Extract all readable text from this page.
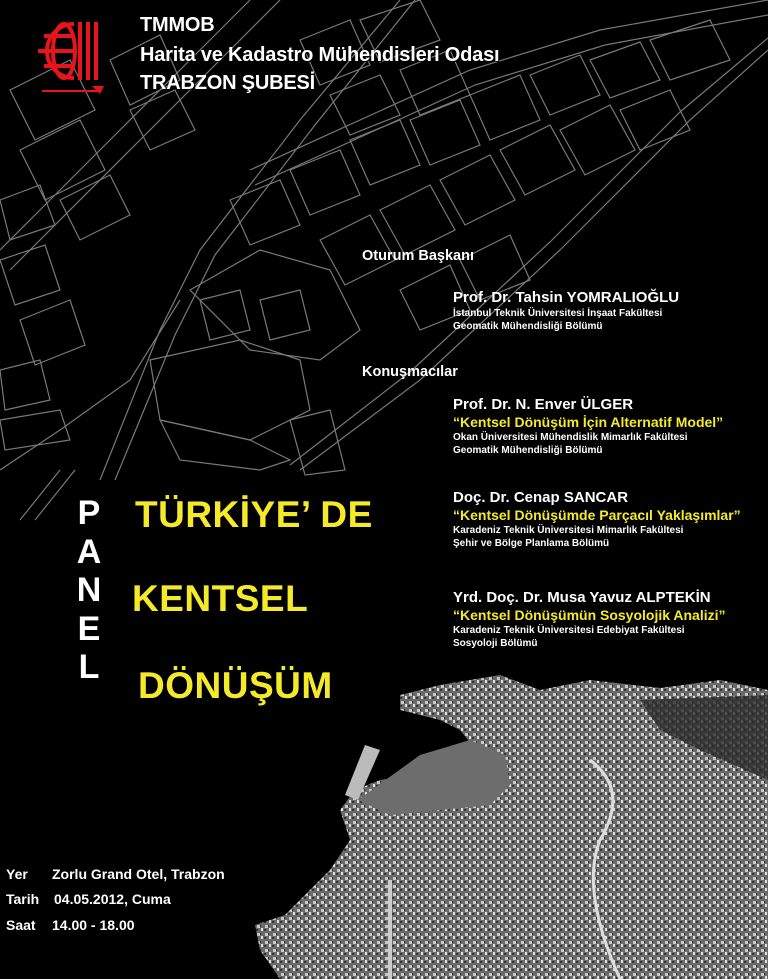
TMMOB
Harita ve Kadastro Mühendisleri Odası
TRABZON ŞUBESİ
Oturum Başkanı
Prof. Dr. Tahsin YOMRALIOĞLU
İstanbul Teknik Üniversitesi İnşaat Fakültesi
Geomatik Mühendisliği Bölümü
Konuşmacılar
Prof. Dr. N. Enver ÜLGER
“Kentsel Dönüşüm İçin Alternatif Model”
Okan Üniversitesi Mühendislik Mimarlık Fakültesi
Geomatik Mühendisliği Bölümü
Doç. Dr. Cenap SANCAR
“Kentsel Dönüşümde Parçacıl Yaklaşımlar”
Karadeniz Teknik Üniversitesi Mimarlık Fakültesi
Şehir ve Bölge Planlama Bölümü
Yrd. Doç. Dr. Musa Yavuz ALPTEKİN
“Kentsel Dönüşümün Sosyolojik Analizi”
Karadeniz Teknik Üniversitesi Edebiyat Fakültesi
Sosyoloji Bölümü
P
A
N
E
L
TÜRKİYE’ DE
KENTSEL
DÖNÜŞÜM
Yer Zorlu Grand Otel, Trabzon
Tarih 04.05.2012, Cuma
Saat 14.00 - 18.00
